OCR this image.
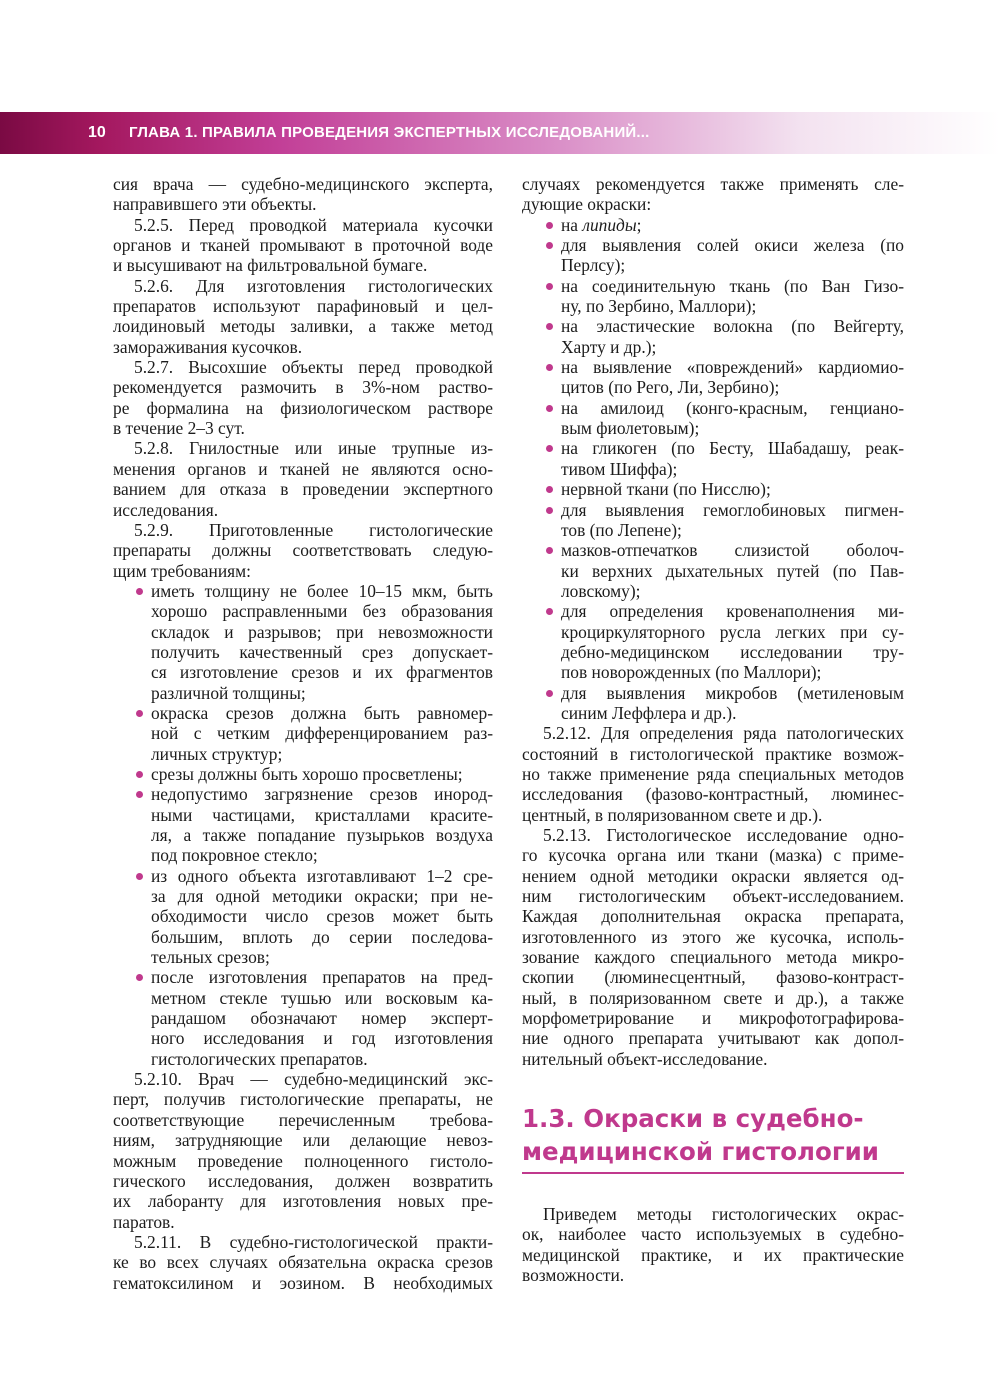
10 ГЛАВА 1. ПРАВИЛА ПРОВЕДЕНИЯ ЭКСПЕРТНЫХ ИССЛЕДОВАНИЙ...
сия врача — судебно-медицинского эксперта,
направившего эти объекты.
5.2.5. Перед проводкой материала кусочки
органов и тканей промывают в проточной воде
и высушивают на фильтровальной бумаге.
5.2.6. Для изготовления гистологических
препаратов используют парафиновый и цел-
лоидиновый методы заливки, а также метод
замораживания кусочков.
5.2.7. Высохшие объекты перед проводкой
рекомендуется размочить в 3%-ном раство-
ре формалина на физиологическом растворе
в течение 2–3 сут.
5.2.8. Гнилостные или иные трупные из-
менения органов и тканей не являются осно-
ванием для отказа в проведении экспертного
исследования.
5.2.9. Приготовленные гистологические
препараты должны соответствовать следую-
щим требованиям:
иметь толщину не более 10–15 мкм, быть
хорошо расправленными без образования
складок и разрывов; при невозможности
получить качественный срез допускает-
ся изготовление срезов и их фрагментов
различной толщины;
окраска срезов должна быть равномер-
ной с четким дифференцированием раз-
личных структур;
срезы должны быть хорошо просветлены;
недопустимо загрязнение срезов инород-
ными частицами, кристаллами красите-
ля, а также попадание пузырьков воздуха
под покровное стекло;
из одного объекта изготавливают 1–2 сре-
за для одной методики окраски; при не-
обходимости число срезов может быть
большим, вплоть до серии последова-
тельных срезов;
после изготовления препаратов на пред-
метном стекле тушью или восковым ка-
рандашом обозначают номер эксперт-
ного исследования и год изготовления
гистологических препаратов.
5.2.10. Врач — судебно-медицинский экс-
перт, получив гистологические препараты, не
соответствующие перечисленным требова-
ниям, затрудняющие или делающие невоз-
можным проведение полноценного гистоло-
гического исследования, должен возвратить
их лаборанту для изготовления новых пре-
паратов.
5.2.11. В судебно-гистологической практи-
ке во всех случаях обязательна окраска срезов
гематоксилином и эозином. В необходимых
случаях рекомендуется также применять сле-
дующие окраски:
на липиды;
для выявления солей окиси железа (по
Перлсу);
на соединительную ткань (по Ван Гизо-
ну, по Зербино, Маллори);
на эластические волокна (по Вейгерту,
Харту и др.);
на выявление «повреждений» кардиомио-
цитов (по Рего, Ли, Зербино);
на амилоид (конго-красным, генциано-
вым фиолетовым);
на гликоген (по Бесту, Шабадашу, реак-
тивом Шиффа);
нервной ткани (по Нисслю);
для выявления гемоглобиновых пигмен-
тов (по Лепене);
мазков-отпечатков слизистой оболоч-
ки верхних дыхательных путей (по Пав-
ловскому);
для определения кровенаполнения ми-
кроциркуляторного русла легких при су-
дебно-медицинском исследовании тру-
пов новорожденных (по Маллори);
для выявления микробов (метиленовым
синим Леффлера и др.).
5.2.12. Для определения ряда патологических
состояний в гистологической практике возмож-
но также применение ряда специальных методов
исследования (фазово-контрастный, люминес-
центный, в поляризованном свете и др.).
5.2.13. Гистологическое исследование одно-
го кусочка органа или ткани (мазка) с приме-
нением одной методики окраски является од-
ним гистологическим объект-исследованием.
Каждая дополнительная окраска препарата,
изготовленного из этого же кусочка, исполь-
зование каждого специального метода микро-
скопии (люминесцентный, фазово-контраст-
ный, в поляризованном свете и др.), а также
морфометрирование и микрофотографирова-
ние одного препарата учитывают как допол-
нительный объект-исследование.
1.3. Окраски в судебно-
медицинской гистологии
Приведем методы гистологических окрас-
ок, наиболее часто используемых в судебно-
медицинской практике, и их практические
возможности.
